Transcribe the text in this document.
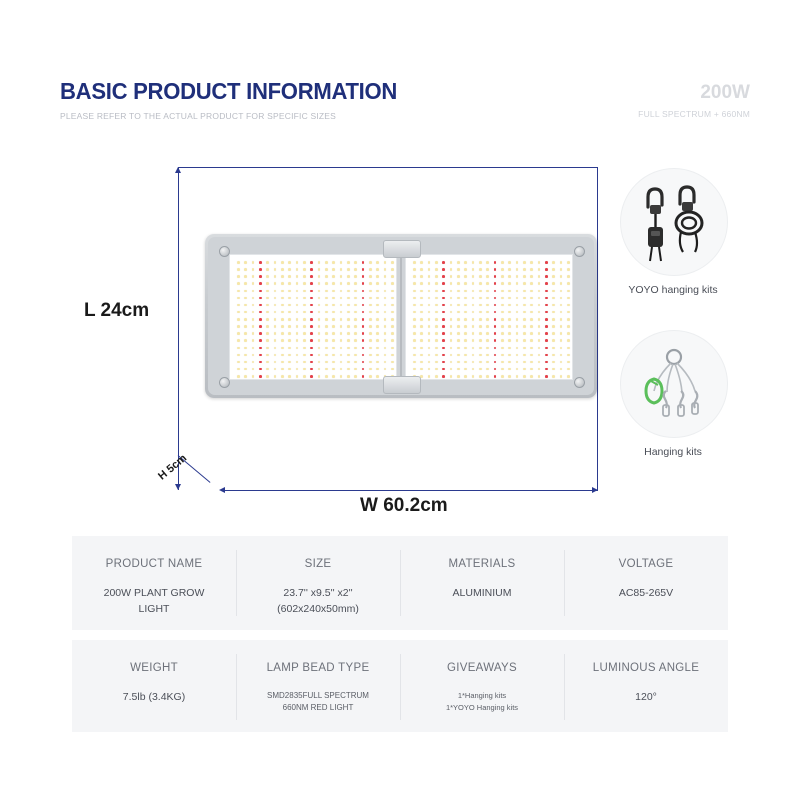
BASIC PRODUCT INFORMATION
PLEASE REFER TO THE ACTUAL PRODUCT FOR SPECIFIC SIZES
200W
FULL SPECTRUM + 660NM
L 24cm
W 60.2cm
H 5cm
YOYO hanging kits
Hanging kits
PRODUCT NAME
200W PLANT GROW
LIGHT
SIZE
23.7'' x9.5'' x2''
(602x240x50mm)
MATERIALS
ALUMINIUM
VOLTAGE
AC85-265V
WEIGHT
7.5lb (3.4KG)
LAMP BEAD TYPE
SMD2835FULL SPECTRUM
660NM RED LIGHT
GIVEAWAYS
1*Hanging kits
1*YOYO Hanging kits
LUMINOUS ANGLE
120°
